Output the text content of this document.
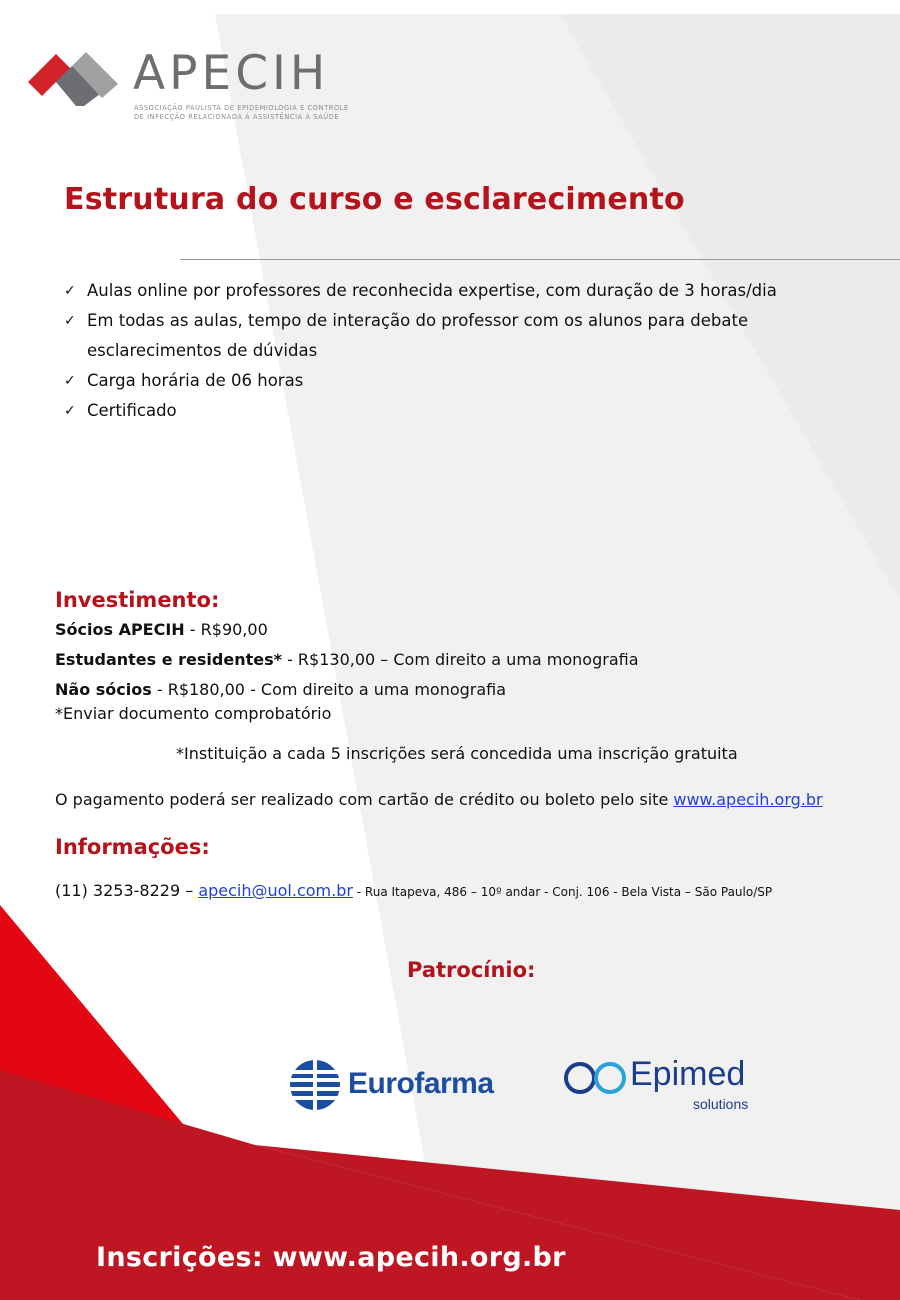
APECIH
ASSOCIAÇÃO PAULISTA DE EPIDEMIOLOGIA E CONTROLE
DE INFECÇÃO RELACIONADA À ASSISTÊNCIA À SAÚDE
Estrutura do curso e esclarecimento
✓ Aulas online por professores de reconhecida expertise, com duração de 3 horas/dia
✓ Em todas as aulas, tempo de interação do professor com os alunos para debate esclarecimentos de dúvidas
✓ Carga horária de 06 horas
✓ Certificado
Investimento:
Sócios APECIH - R$90,00
Estudantes e residentes* - R$130,00 – Com direito a uma monografia
Não sócios - R$180,00 - Com direito a uma monografia
*Enviar documento comprobatório
*Instituição a cada 5 inscrições será concedida uma inscrição gratuita
O pagamento poderá ser realizado com cartão de crédito ou boleto pelo site www.apecih.org.br
Informações:
(11) 3253-8229 – apecih@uol.com.br - Rua Itapeva, 486 – 10º andar - Conj. 106 - Bela Vista – São Paulo/SP
Patrocínio:
Eurofarma	Epimed
solutions
Inscrições: www.apecih.org.br
